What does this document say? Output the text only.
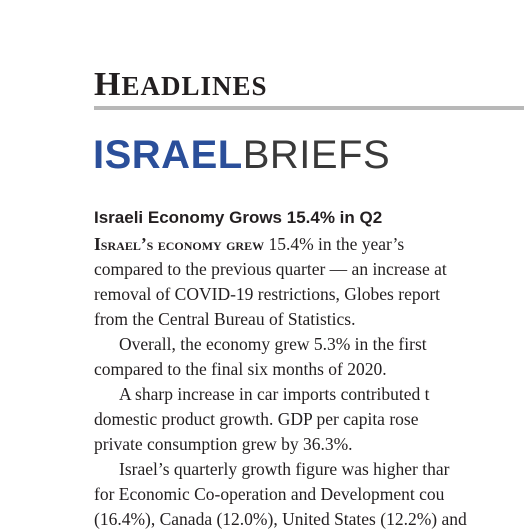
HEADLINES
ISRAELBRIEFS
Israeli Economy Grows 15.4% in Q2
Israel’s economy grew 15.4% in the year’s
compared to the previous quarter — an increase at
removal of COVID-19 restrictions, Globes report
from the Central Bureau of Statistics.
Overall, the economy grew 5.3% in the first
compared to the final six months of 2020.
A sharp increase in car imports contributed t
domestic product growth. GDP per capita rose
private consumption grew by 36.3%.
Israel’s quarterly growth figure was higher thar
for Economic Co-operation and Development cou
(16.4%), Canada (12.0%), United States (12.2%) and
